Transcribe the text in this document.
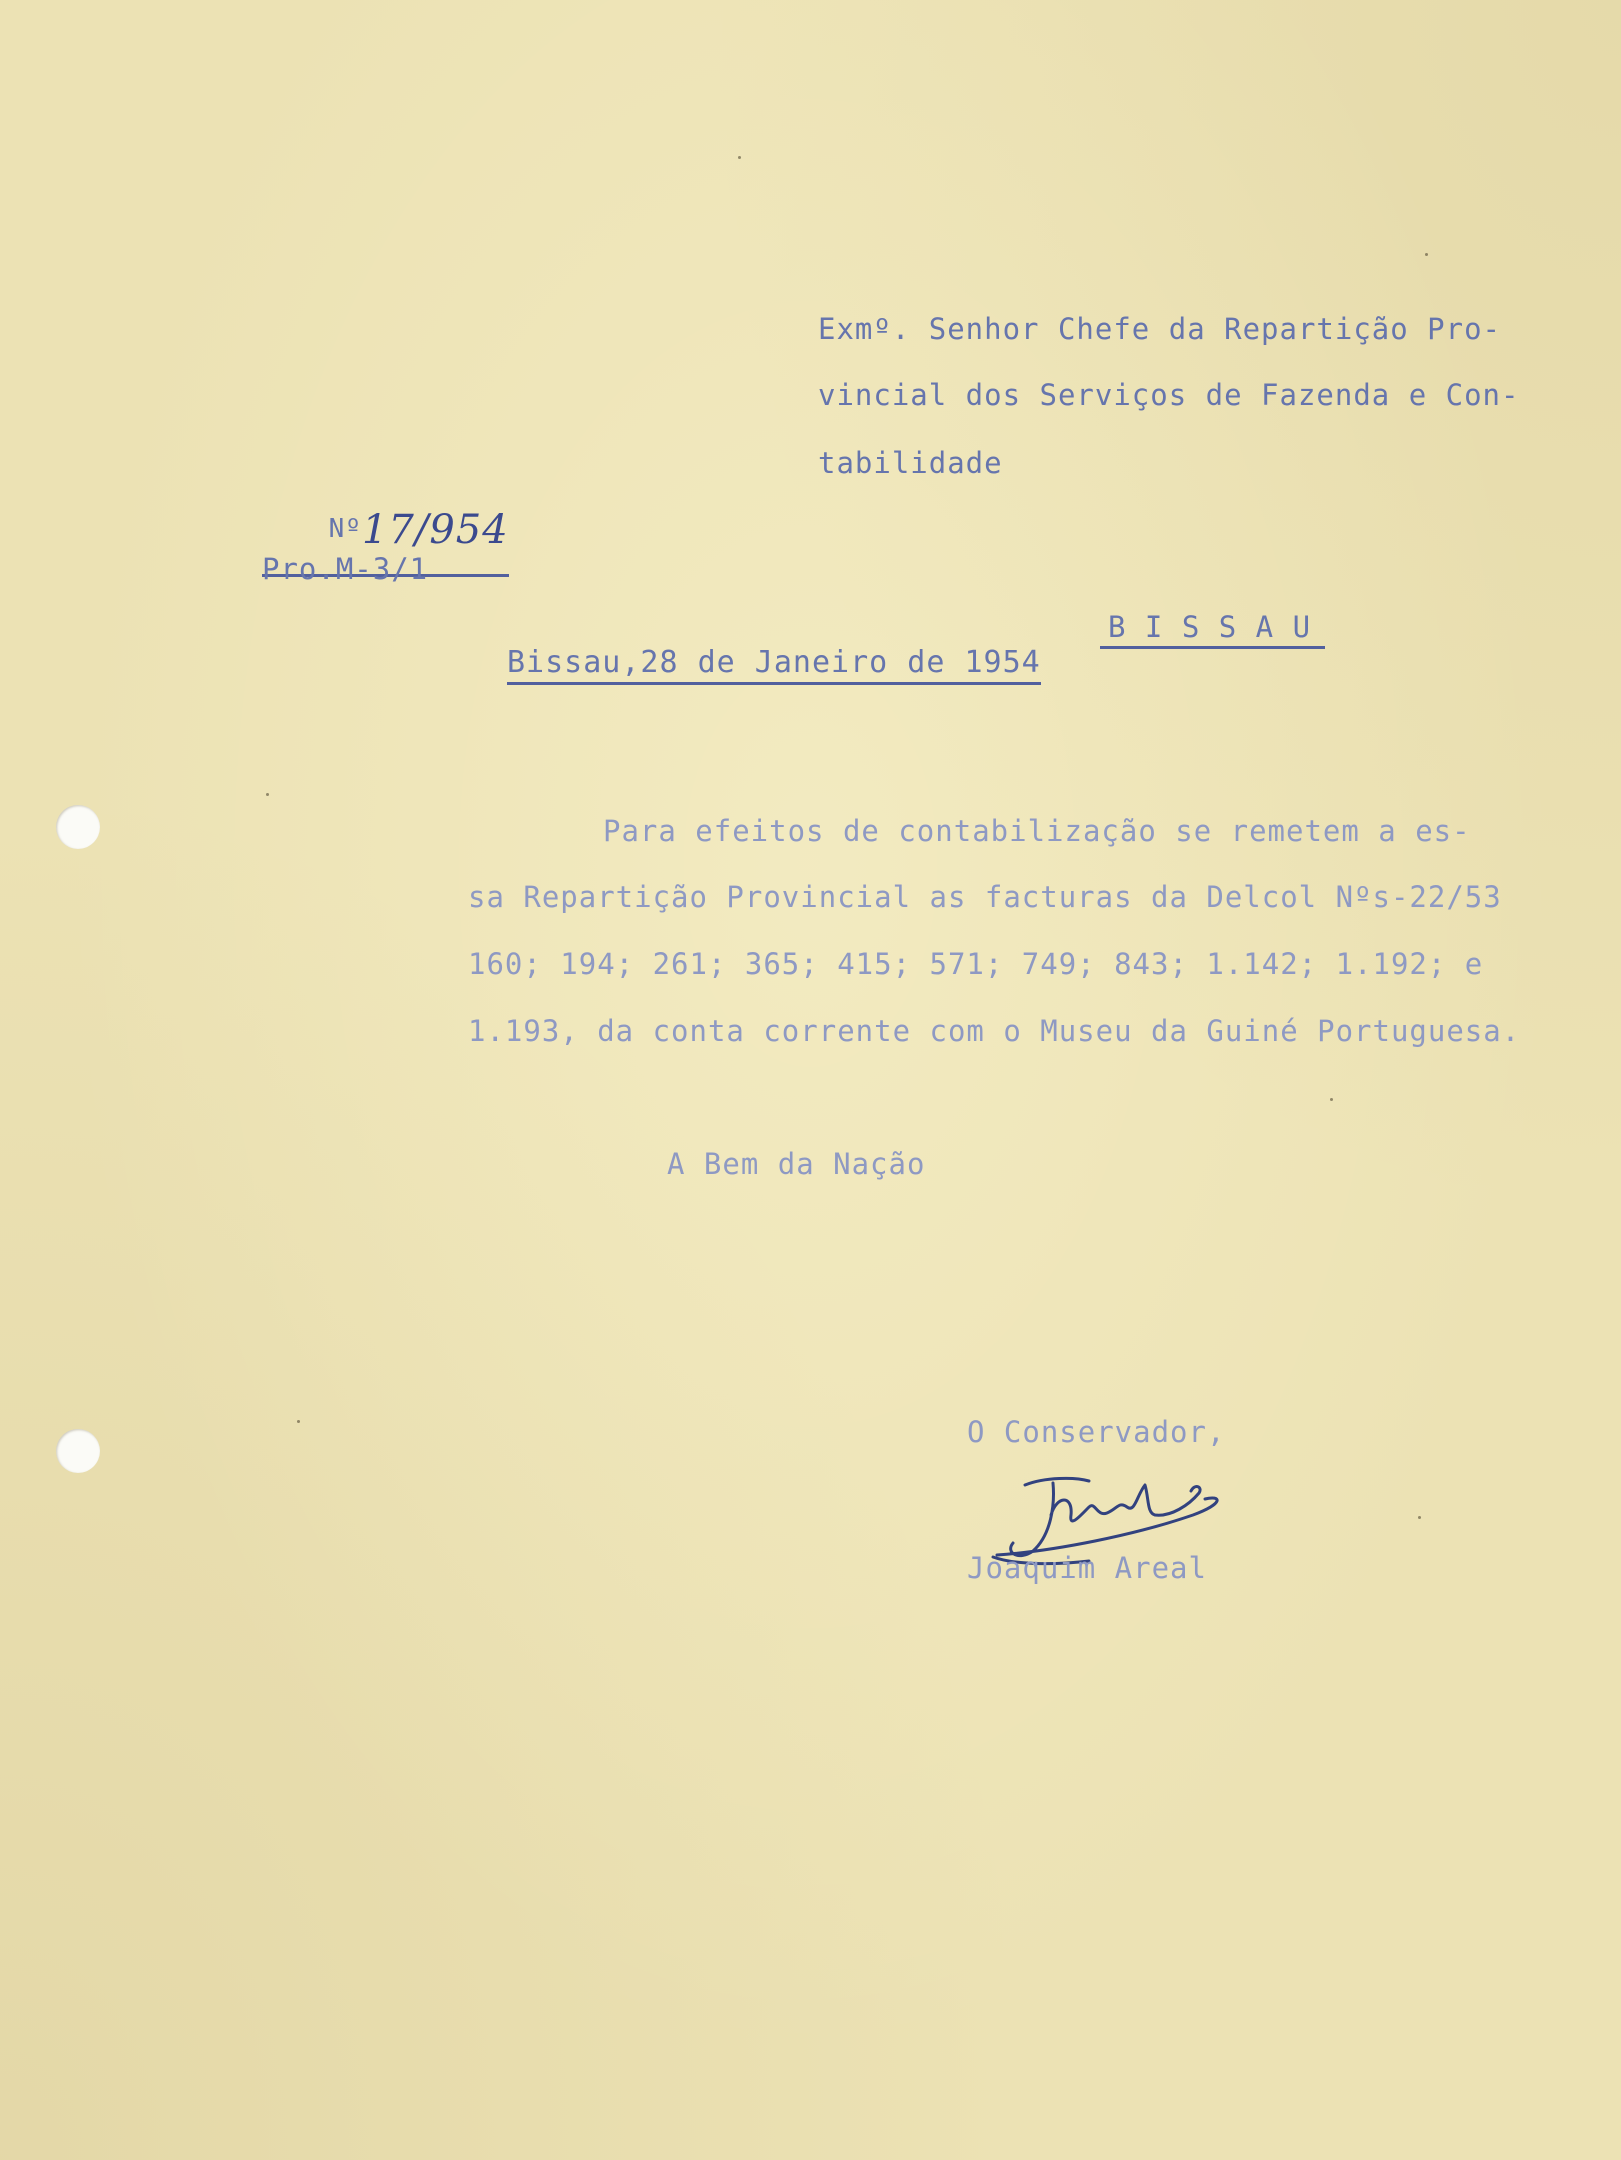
Exmº. Senhor Chefe da Repartição Pro-
vincial dos Serviços de Fazenda e Con-
tabilidade

Nº17/954

Pro.M-3/1
B I S S A U
Bissau,28 de Janeiro de 1954
Para efeitos de contabilização se remetem a es-
sa Repartição Provincial as facturas da Delcol Nºs-22/53
160; 194; 261; 365; 415; 571; 749; 843; 1.142; 1.192; e
1.193, da conta corrente com o Museu da Guiné Portuguesa.
A Bem da Nação
O Conservador,
Joaquim Areal
